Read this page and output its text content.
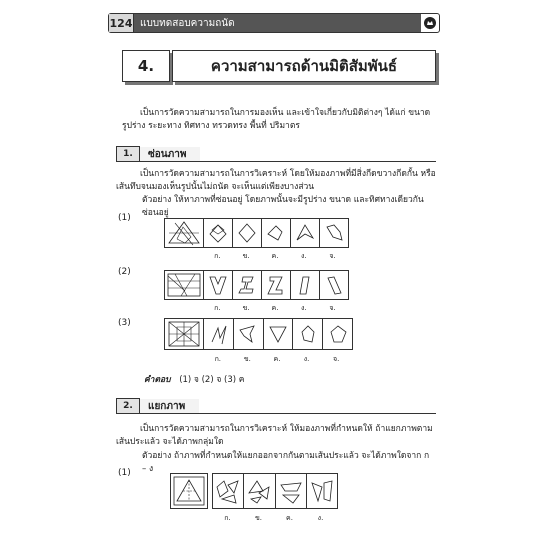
124 แบบทดสอบความถนัด
4.	ความสามารถด้านมิติสัมพันธ์
เป็นการวัดความสามารถในการมองเห็น และเข้าใจเกี่ยวกับมิติต่างๆ ได้แก่ ขนาด รูปร่าง ระยะทาง ทิศทาง ทรวดทรง พื้นที่ ปริมาตร
1.	ซ่อนภาพ
เป็นการวัดความสามารถในการวิเคราะห์ โดยให้มองภาพที่มีสิ่งกีดขวางกีดกั้น หรือเส้นทึบจนมองเห็นรูปนั้นไม่ถนัด จะเห็นแต่เพียงบางส่วน
ตัวอย่าง ให้หาภาพที่ซ่อนอยู่ โดยภาพนั้นจะมีรูปร่าง ขนาด และทิศทางเดียวกันซ่อนอยู่
(1)
ก.	ข.	ค.	ง.	จ.
(2)
ก.	ข.	ค.	ง.	จ.
(3)
ก.	ข.	ค.	ง.	จ.
คำตอบ (1) จ (2) จ (3) ค
2.	แยกภาพ
เป็นการวัดความสามารถในการวิเคราะห์ ให้มองภาพที่กำหนดให้ ถ้าแยกภาพตามเส้นประแล้ว จะได้ภาพกลุ่มใด
ตัวอย่าง ถ้าภาพที่กำหนดให้แยกออกจากกันตามเส้นประแล้ว จะได้ภาพใดจาก ก – ง
(1)
ก.	ข.	ค.	ง.
